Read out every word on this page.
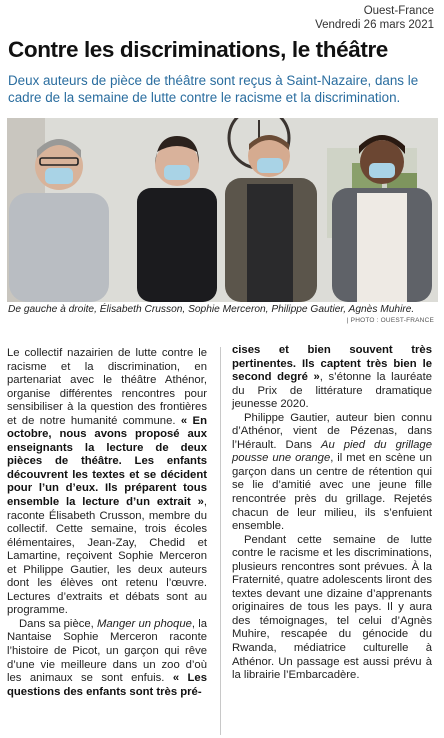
Ouest-France
Vendredi 26 mars 2021
Contre les discriminations, le théâtre
Deux auteurs de pièce de théâtre sont reçus à Saint-Nazaire, dans le cadre de la semaine de lutte contre le racisme et la discrimination.
De gauche à droite, Élisabeth Crusson, Sophie Merceron, Philippe Gautier, Agnès Muhire.
| PHOTO : OUEST-FRANCE

Le collectif nazairien de lutte contre le racisme et la discrimination, en partenariat avec le théâtre Athénor, organise différentes rencontres pour sensibiliser à la question des frontières et de notre humanité commune. « En octobre, nous avons proposé aux enseignants la lecture de deux pièces de théâtre. Les enfants découvrent les textes et se décident pour l’un d’eux. Ils préparent tous ensemble la lecture d’un extrait », raconte Élisabeth Crusson, membre du collectif. Cette semaine, trois écoles élémentaires, Jean-Zay, Chedid et Lamartine, reçoivent Sophie Merceron et Philippe Gautier, les deux auteurs dont les élèves ont retenu l’œuvre. Lectures d’extraits et débats sont au programme.

Dans sa pièce, Manger un phoque, la Nantaise Sophie Merceron raconte l’histoire de Picot, un garçon qui rêve d’une vie meilleure dans un zoo d’où les animaux se sont enfuis. « Les questions des enfants sont très pré-

cises et bien souvent très pertinentes. Ils captent très bien le second degré », s’étonne la lauréate du Prix de littérature dramatique jeunesse 2020.

Philippe Gautier, auteur bien connu d’Athénor, vient de Pézenas, dans l’Hérault. Dans Au pied du grillage pousse une orange, il met en scène un garçon dans un centre de rétention qui se lie d’amitié avec une jeune fille rencontrée près du grillage. Rejetés chacun de leur milieu, ils s’enfuient ensemble.

Pendant cette semaine de lutte contre le racisme et les discriminations, plusieurs rencontres sont prévues. À la Fraternité, quatre adolescents liront des textes devant une dizaine d’apprenants originaires de tous les pays. Il y aura des témoignages, tel celui d’Agnès Muhire, rescapée du génocide du Rwanda, médiatrice culturelle à Athénor. Un passage est aussi prévu à la librairie l’Embarcadère.
